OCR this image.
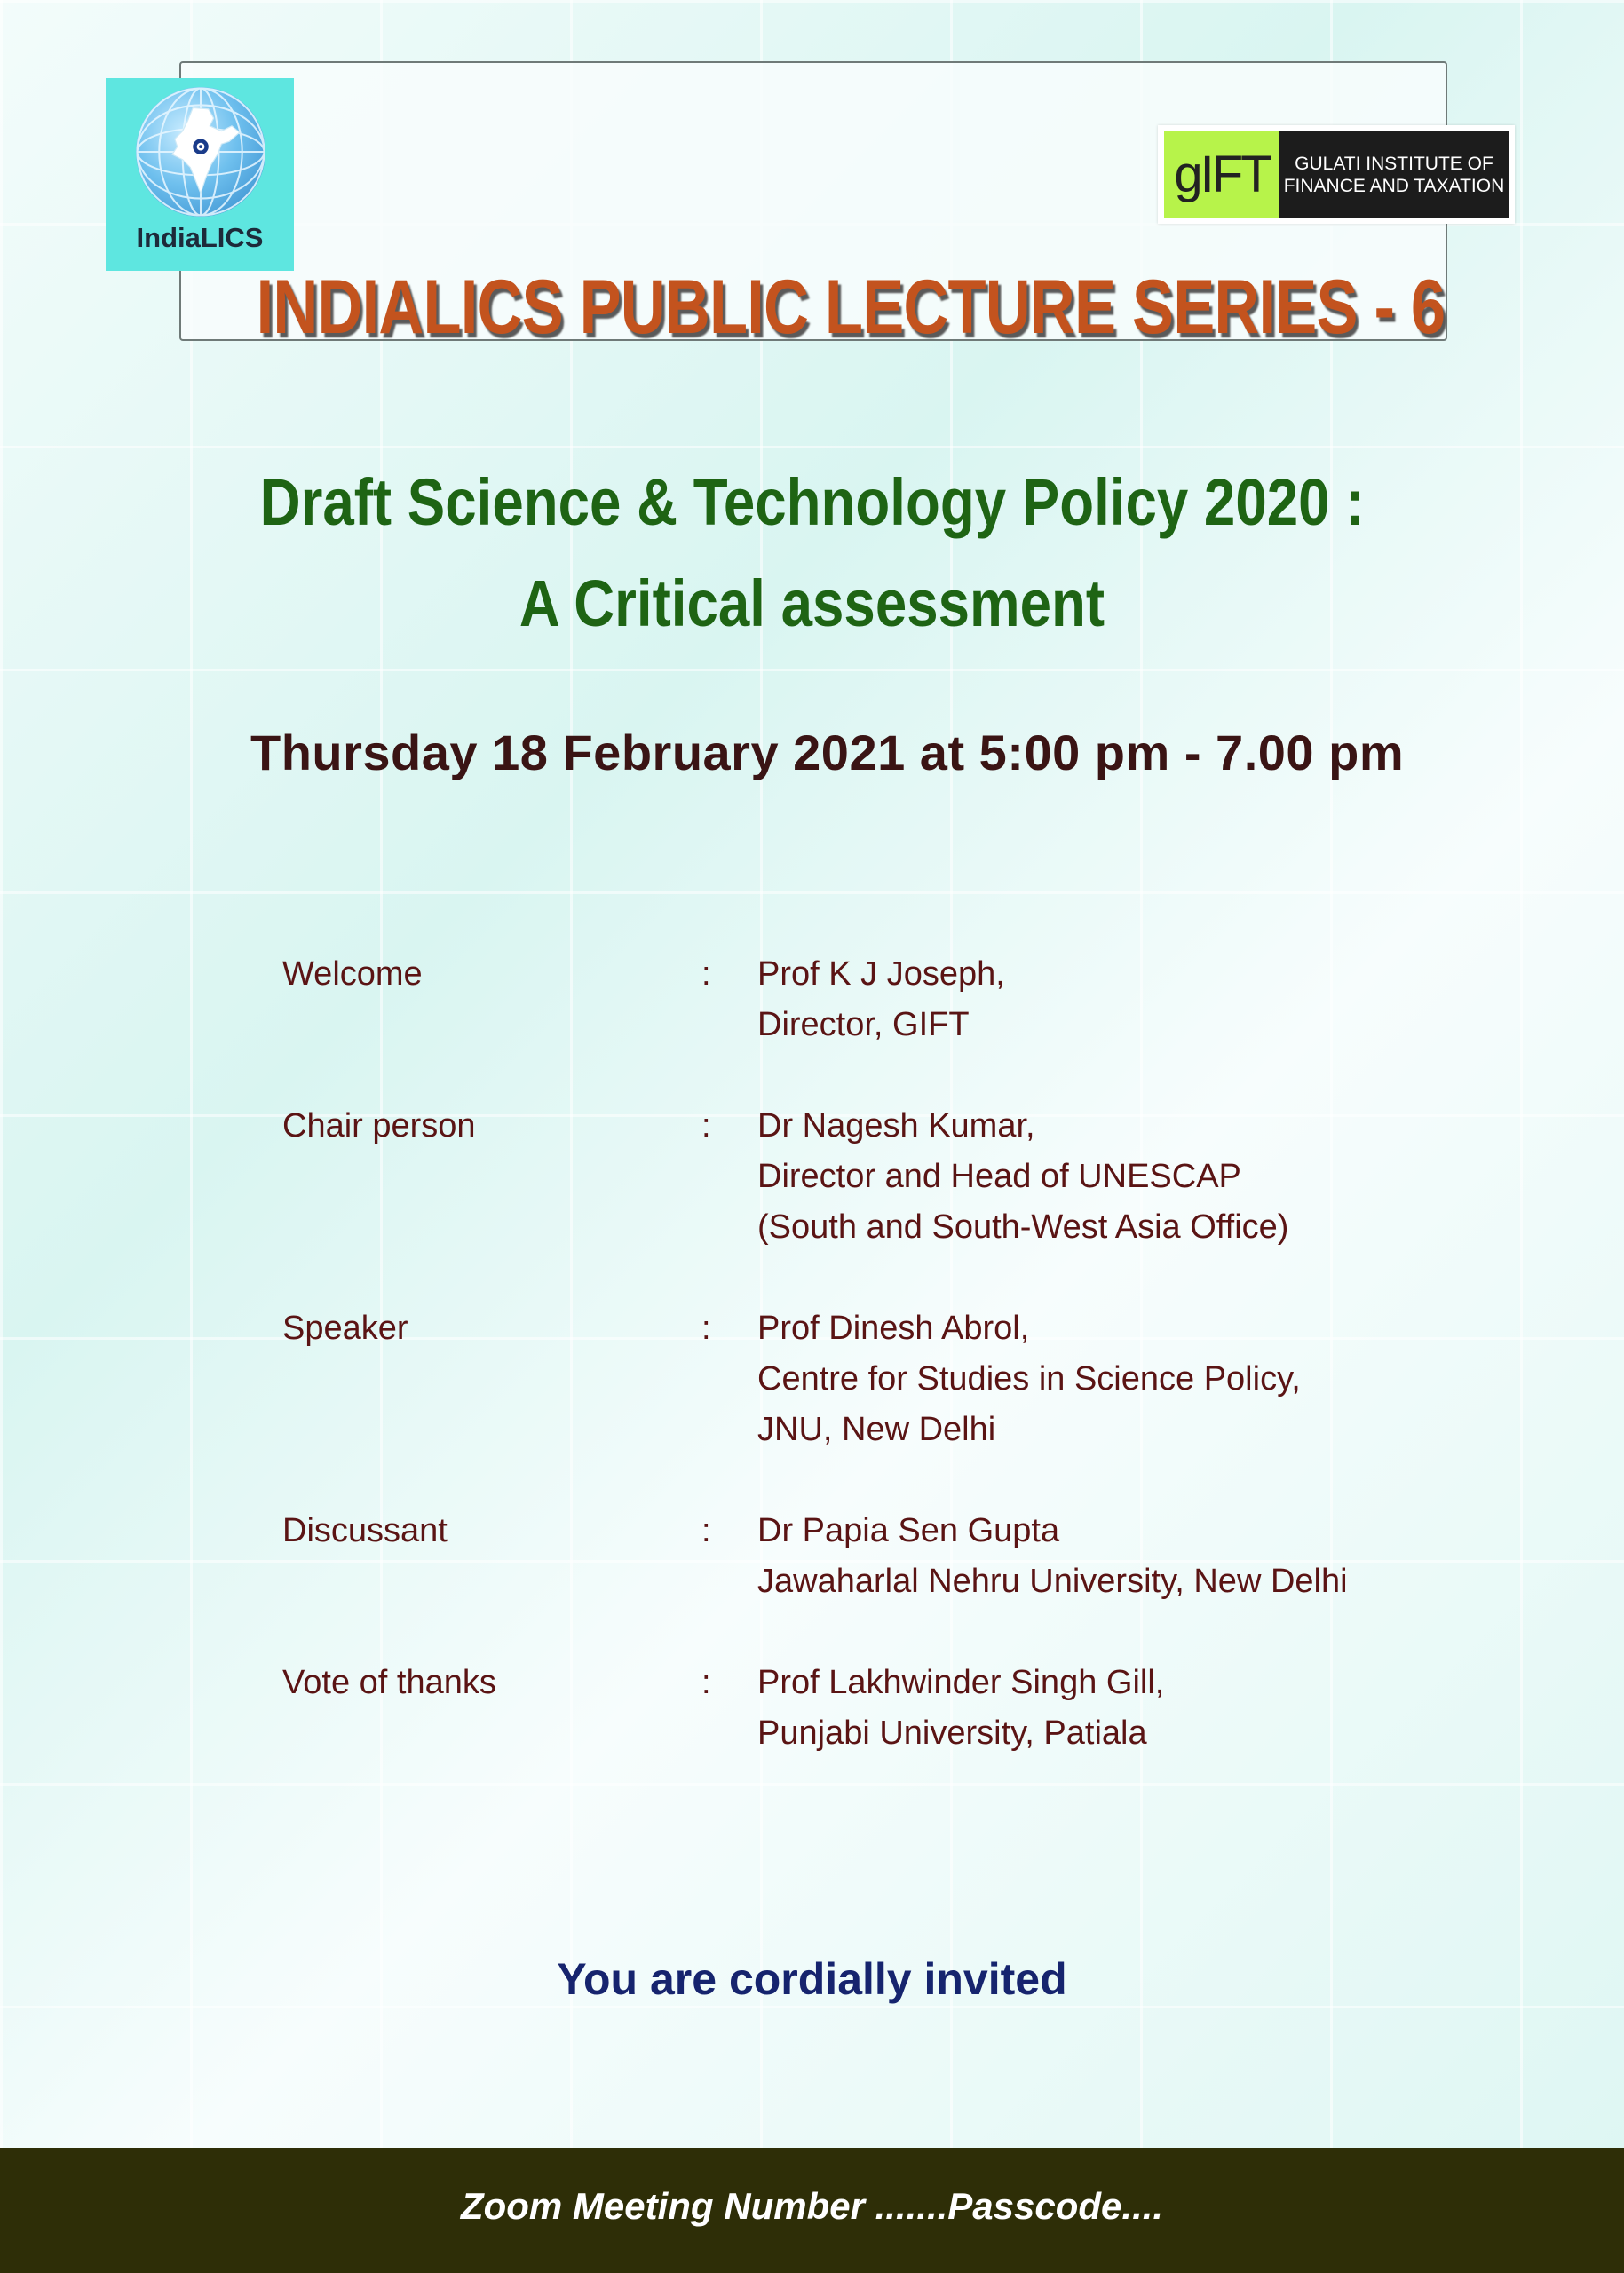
IndiaLICS
gIFT	GULATI INSTITUTE OF
FINANCE AND TAXATION
INDIALICS PUBLIC LECTURE SERIES - 6
Draft Science & Technology Policy 2020 :
A Critical assessment
Thursday 18 February 2021 at 5:00 pm - 7.00 pm
Welcome	: Prof K J Joseph,
Director, GIFT
Chair person	: Dr Nagesh Kumar,
Director and Head of UNESCAP
(South and South-West Asia Office)
Speaker	: Prof Dinesh Abrol,
Centre for Studies in Science Policy,
JNU, New Delhi
Discussant	: Dr Papia Sen Gupta
Jawaharlal Nehru University, New Delhi
Vote of thanks	: Prof Lakhwinder Singh Gill,
Punjabi University, Patiala
You are cordially invited
Zoom Meeting Number .......Passcode....
